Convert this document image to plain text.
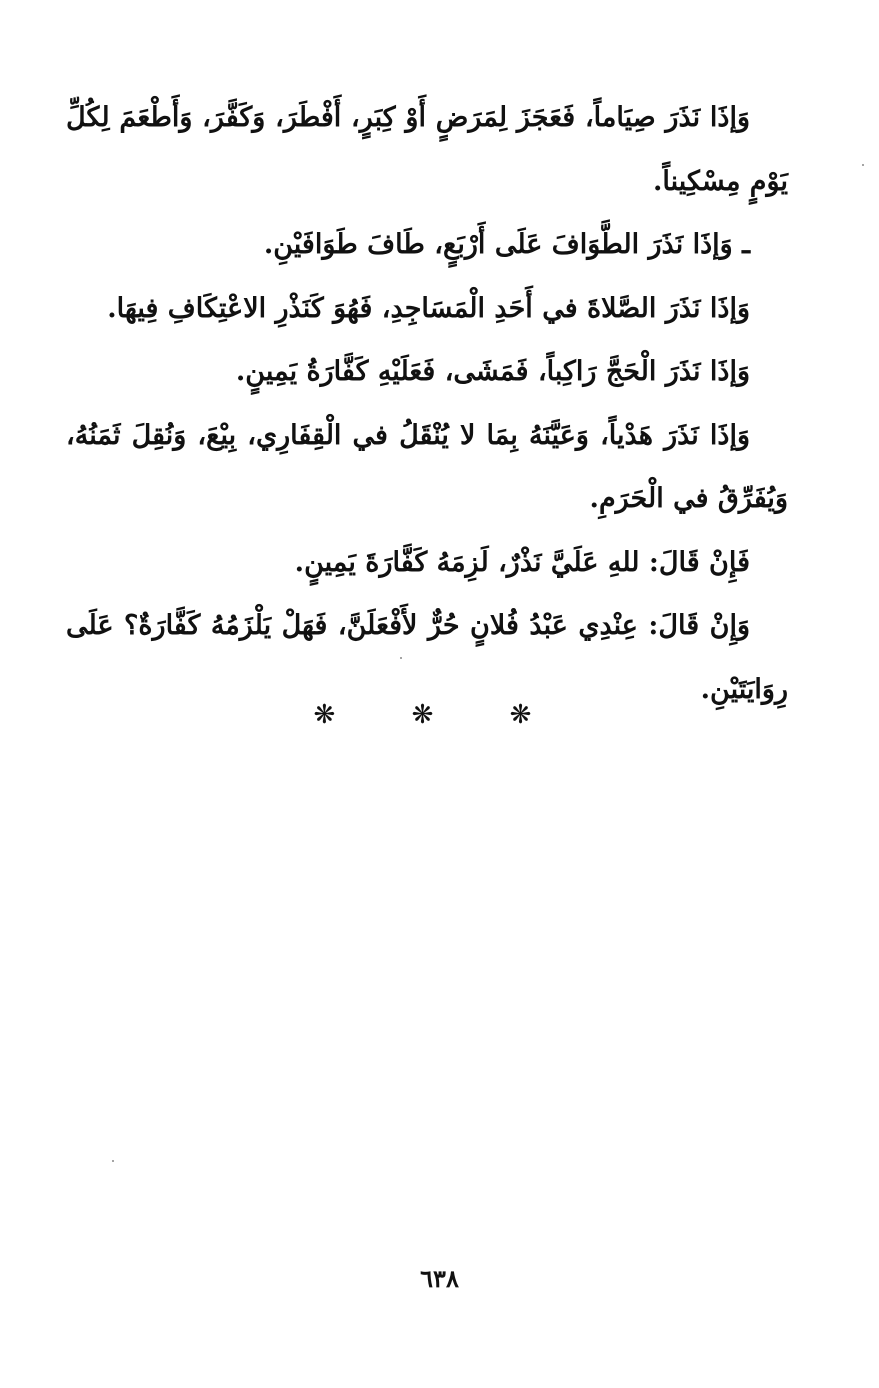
وَإذَا نَذَرَ صِيَاماً، فَعَجَزَ لِمَرَضٍ أَوْ كِبَرٍ، أَفْطَرَ، وَكَفَّرَ، وَأَطْعَمَ لِكُلِّ يَوْمٍ مِسْكِيناً.

ـ وَإذَا نَذَرَ الطَّوَافَ عَلَى أَرْبَعٍ، طَافَ طَوَافَيْنِ.

وَإذَا نَذَرَ الصَّلاةَ في أَحَدِ الْمَسَاجِدِ، فَهُوَ كَنَذْرِ الاعْتِكَافِ فِيهَا.

وَإذَا نَذَرَ الْحَجَّ رَاكِباً، فَمَشَى، فَعَلَيْهِ كَفَّارَةُ يَمِينٍ.

وَإذَا نَذَرَ هَدْياً، وَعَيَّنَهُ بِمَا لا يُنْقَلُ في الْقِفَارِي، بِيْعَ، وَنُقِلَ ثَمَنُهُ، وَيُفَرِّقُ في الْحَرَمِ.

فَإِنْ قَالَ: للهِ عَلَيَّ نَذْرٌ، لَزِمَهُ كَفَّارَةَ يَمِينٍ.

وَإِنْ قَالَ: عِنْدِي عَبْدُ فُلانٍ حُرٌّ لأَفْعَلَنَّ، فَهَلْ يَلْزَمُهُ كَفَّارَةٌ؟ عَلَى رِوَايَتَيْنِ.

❋ ❋ ❋
٦٣٨
